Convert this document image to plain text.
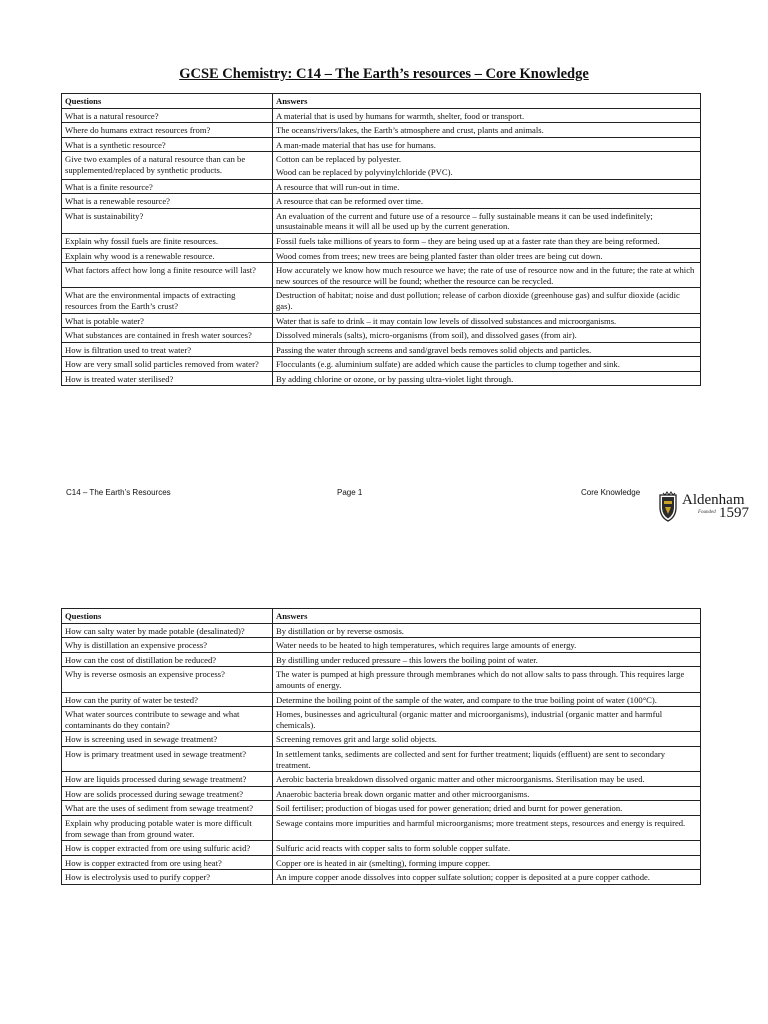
GCSE Chemistry: C14 – The Earth’s resources – Core Knowledge
Questions	Answers
What is a natural resource?	A material that is used by humans for warmth, shelter, food or transport.

Where do humans extract resources from?	The oceans/rivers/lakes, the Earth’s atmosphere and crust, plants and animals.

What is a synthetic resource?	A man-made material that has use for humans.

Give two examples of a natural resource than can be supplemented/replaced by synthetic products.	Cotton can be replaced by polyester.
Wood can be replaced by polyvinylchloride (PVC).

What is a finite resource?	A resource that will run-out in time.

What is a renewable resource?	A resource that can be reformed over time.

What is sustainability?	An evaluation of the current and future use of a resource – fully sustainable means it can be used indefinitely; unsustainable means it will all be used up by the current generation.

Explain why fossil fuels are finite resources.	Fossil fuels take millions of years to form – they are being used up at a faster rate than they are being reformed.

Explain why wood is a renewable resource.	Wood comes from trees; new trees are being planted faster than older trees are being cut down.

What factors affect how long a finite resource will last?	How accurately we know how much resource we have; the rate of use of resource now and in the future; the rate at which new sources of the resource will be found; whether the resource can be recycled.

What are the environmental impacts of extracting resources from the Earth’s crust?	Destruction of habitat; noise and dust pollution; release of carbon dioxide (greenhouse gas) and sulfur dioxide (acidic gas).

What is potable water?	Water that is safe to drink – it may contain low levels of dissolved substances and microorganisms.

What substances are contained in fresh water sources?	Dissolved minerals (salts), micro-organisms (from soil), and dissolved gases (from air).

How is filtration used to treat water?	Passing the water through screens and sand/gravel beds removes solid objects and particles.

How are very small solid particles removed from water?	Flocculants (e.g. aluminium sulfate) are added which cause the particles to clump together and sink.

How is treated water sterilised?	By adding chlorine or ozone, or by passing ultra-violet light through.
C14 – The Earth’s Resources	Page 1	Core Knowledge	Aldenham
Founded 1597
Questions	Answers
How can salty water by made potable (desalinated)?	By distillation or by reverse osmosis.

Why is distillation an expensive process?	Water needs to be heated to high temperatures, which requires large amounts of energy.

How can the cost of distillation be reduced?	By distilling under reduced pressure – this lowers the boiling point of water.

Why is reverse osmosis an expensive process?	The water is pumped at high pressure through membranes which do not allow salts to pass through. This requires large amounts of energy.

How can the purity of water be tested?	Determine the boiling point of the sample of the water, and compare to the true boiling point of water (100°C).

What water sources contribute to sewage and what contaminants do they contain?	Homes, businesses and agricultural (organic matter and microorganisms), industrial (organic matter and harmful chemicals).

How is screening used in sewage treatment?	Screening removes grit and large solid objects.

How is primary treatment used in sewage treatment?	In settlement tanks, sediments are collected and sent for further treatment; liquids (effluent) are sent to secondary treatment.

How are liquids processed during sewage treatment?	Aerobic bacteria breakdown dissolved organic matter and other microorganisms. Sterilisation may be used.

How are solids processed during sewage treatment?	Anaerobic bacteria break down organic matter and other microorganisms.

What are the uses of sediment from sewage treatment?	Soil fertiliser; production of biogas used for power generation; dried and burnt for power generation.

Explain why producing potable water is more difficult from sewage than from ground water.	Sewage contains more impurities and harmful microorganisms; more treatment steps, resources and energy is required.

How is copper extracted from ore using sulfuric acid?	Sulfuric acid reacts with copper salts to form soluble copper sulfate.

How is copper extracted from ore using heat?	Copper ore is heated in air (smelting), forming impure copper.

How is electrolysis used to purify copper?	An impure copper anode dissolves into copper sulfate solution; copper is deposited at a pure copper cathode.
